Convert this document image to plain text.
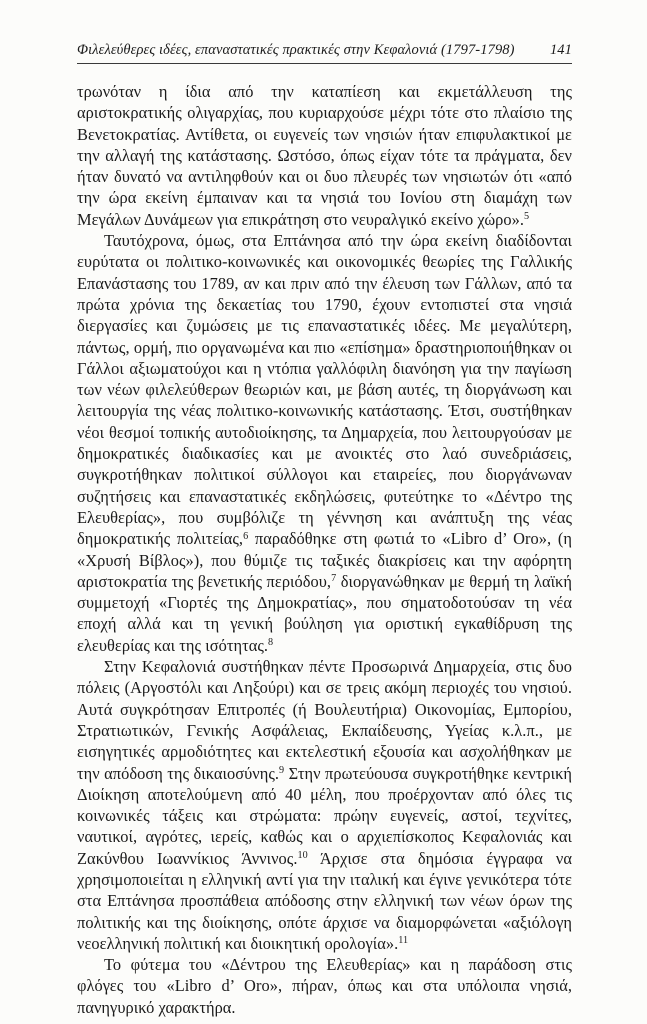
Φιλελεύθερες ιδέες, επαναστατικές πρακτικές στην Κεφαλονιά (1797-1798) 141

τρωνόταν η ίδια από την καταπίεση και εκμετάλλευση της αριστοκρατικής ολιγαρχίας, που κυριαρχούσε μέχρι τότε στο πλαίσιο της Βενετοκρατίας. Αντίθετα, οι ευγενείς των νησιών ήταν επιφυλακτικοί με την αλλαγή της κατάστασης. Ωστόσο, όπως είχαν τότε τα πράγματα, δεν ήταν δυνατό να αντιληφθούν και οι δυο πλευρές των νησιωτών ότι «από την ώρα εκείνη έμπαιναν και τα νησιά του Ιονίου στη διαμάχη των Μεγάλων Δυνάμεων για επικράτηση στο νευραλγικό εκείνο χώρο».$^5$

Ταυτόχρονα, όμως, στα Επτάνησα από την ώρα εκείνη διαδίδονται ευρύτατα οι πολιτικο-κοινωνικές και οικονομικές θεωρίες της Γαλλικής Επανάστασης του 1789, αν και πριν από την έλευση των Γάλλων, από τα πρώτα χρόνια της δεκαετίας του 1790, έχουν εντοπιστεί στα νησιά διεργασίες και ζυμώσεις με τις επαναστατικές ιδέες. Με μεγαλύτερη, πάντως, ορμή, πιο οργανωμένα και πιο «επίσημα» δραστηριοποιήθηκαν οι Γάλλοι αξιωματούχοι και η ντόπια γαλλόφιλη διανόηση για την παγίωση των νέων φιλελεύθερων θεωριών και, με βάση αυτές, τη διοργάνωση και λειτουργία της νέας πολιτικο-κοινωνικής κατάστασης. Έτσι, συστήθηκαν νέοι θεσμοί τοπικής αυτοδιοίκησης, τα Δημαρχεία, που λειτουργούσαν με δημοκρατικές διαδικασίες και με ανοικτές στο λαό συνεδριάσεις, συγκροτήθηκαν πολιτικοί σύλλογοι και εταιρείες, που διοργάνωναν συζητήσεις και επαναστατικές εκδηλώσεις, φυτεύτηκε το «Δέντρο της Ελευθερίας», που συμβόλιζε τη γέννηση και ανάπτυξη της νέας δημοκρατικής πολιτείας,$^6$ παραδόθηκε στη φωτιά το «Libro d’ Oro», (η «Χρυσή Βίβλος»), που θύμιζε τις ταξικές διακρίσεις και την αφόρητη αριστοκρατία της βενετικής περιόδου,$^7$ διοργανώθηκαν με θερμή τη λαϊκή συμμετοχή «Γιορτές της Δημοκρατίας», που σηματοδοτούσαν τη νέα εποχή αλλά και τη γενική βούληση για οριστική εγκαθίδρυση της ελευθερίας και της ισότητας.$^8$

Στην Κεφαλονιά συστήθηκαν πέντε Προσωρινά Δημαρχεία, στις δυο πόλεις (Αργοστόλι και Ληξούρι) και σε τρεις ακόμη περιοχές του νησιού. Αυτά συγκρότησαν Επιτροπές (ή Βουλευτήρια) Οικονομίας, Εμπορίου, Στρατιωτικών, Γενικής Ασφάλειας, Εκπαίδευσης, Υγείας κ.λ.π., με εισηγητικές αρμοδιότητες και εκτελεστική εξουσία και ασχολήθηκαν με την απόδοση της δικαιοσύνης.$^9$ Στην πρωτεύουσα συγκροτήθηκε κεντρική Διοίκηση αποτελούμενη από 40 μέλη, που προέρχονταν από όλες τις κοινωνικές τάξεις και στρώματα: πρώην ευγενείς, αστοί, τεχνίτες, ναυτικοί, αγρότες, ιερείς, καθώς και ο αρχιεπίσκοπος Κεφαλονιάς και Ζακύνθου Ιωαννίκιος Άννινος.$^{10}$ Άρχισε στα δημόσια έγγραφα να χρησιμοποιείται η ελληνική αντί για την ιταλική και έγινε γενικότερα τότε στα Επτάνησα προσπάθεια απόδοσης στην ελληνική των νέων όρων της πολιτικής και της διοίκησης, οπότε άρχισε να διαμορφώνεται «αξιόλογη νεοελληνική πολιτική και διοικητική ορολογία».$^{11}$

Το φύτεμα του «Δέντρου της Ελευθερίας» και η παράδοση στις φλόγες του «Libro d’ Oro», πήραν, όπως και στα υπόλοιπα νησιά, πανηγυρικό χαρακτήρα.
